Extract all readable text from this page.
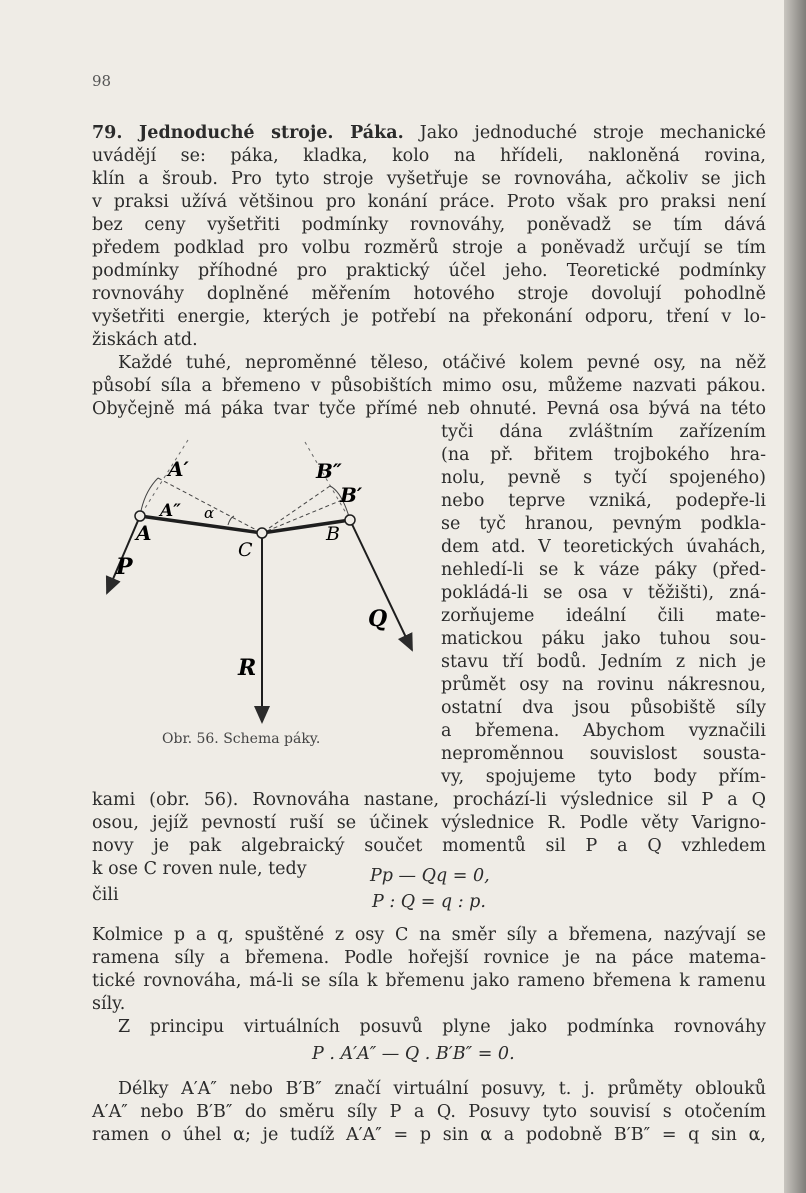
98

79. Jednoduché stroje. Páka. Jako jednoduché stroje mechanické

uvádějí se: páka, kladka, kolo na hřídeli, nakloněná rovina,

klín a šroub. Pro tyto stroje vyšetřuje se rovnováha, ačkoliv se jich

v praksi užívá většinou pro konání práce. Proto však pro praksi není

bez ceny vyšetřiti podmínky rovnováhy, poněvadž se tím dává

předem podklad pro volbu rozměrů stroje a poněvadž určují se tím

podmínky příhodné pro praktický účel jeho. Teoretické podmínky

rovnováhy doplněné měřením hotového stroje dovolují pohodlně

vyšetřiti energie, kterých je potřebí na překonání odporu, tření v lo-

žiskách atd.

Každé tuhé, neproměnné těleso, otáčivé kolem pevné osy, na něž

působí síla a břemeno v působištích mimo osu, můžeme nazvati pákou.

Obyčejně má páka tvar tyče přímé neb ohnuté. Pevná osa bývá na této

tyči dána zvláštním zařízením

(na př. břitem trojbokého hra-

nolu, pevně s tyčí spojeného)

nebo teprve vzniká, podepře-li

se tyč hranou, pevným podkla-

dem atd. V teoretických úvahách,

nehledí-li se k váze páky (před-

pokládá-li se osa v těžišti), zná-

zorňujeme ideální čili mate-

matickou páku jako tuhou sou-

stavu tří bodů. Jedním z nich je

průmět osy na rovinu nákresnou,

ostatní dva jsou působiště síly

a břemena. Abychom vyznačili

neproměnnou souvislost sousta-

vy, spojujeme tyto body přím-

A′
A″ α
A
C
B″
B′
B
P
Q
R
Obr. 56. Schema páky.

kami (obr. 56). Rovnováha nastane, prochází-li výslednice sil P a Q

osou, jejíž pevností ruší se účinek výslednice R. Podle věty Varigno-

novy je pak algebraický součet momentů sil P a Q vzhledem

k ose C roven nule, tedy	Pp — Qq = 0,

čili	P : Q = q : p.

Kolmice p a q, spuštěné z osy C na směr síly a břemena, nazývají se

ramena síly a břemena. Podle hořejší rovnice je na páce matema-

tické rovnováha, má-li se síla k břemenu jako rameno břemena k ramenu

síly.

Z principu virtuálních posuvů plyne jako podmínka rovnováhy

P . A′A″ — Q . B′B″ = 0.

Délky A′A″ nebo B′B″ značí virtuální posuvy, t. j. průměty oblouků

A′A″ nebo B′B″ do směru síly P a Q. Posuvy tyto souvisí s otočením

ramen o úhel α; je tudíž A′A″ = p sin α a podobně B′B″ = q sin α,
